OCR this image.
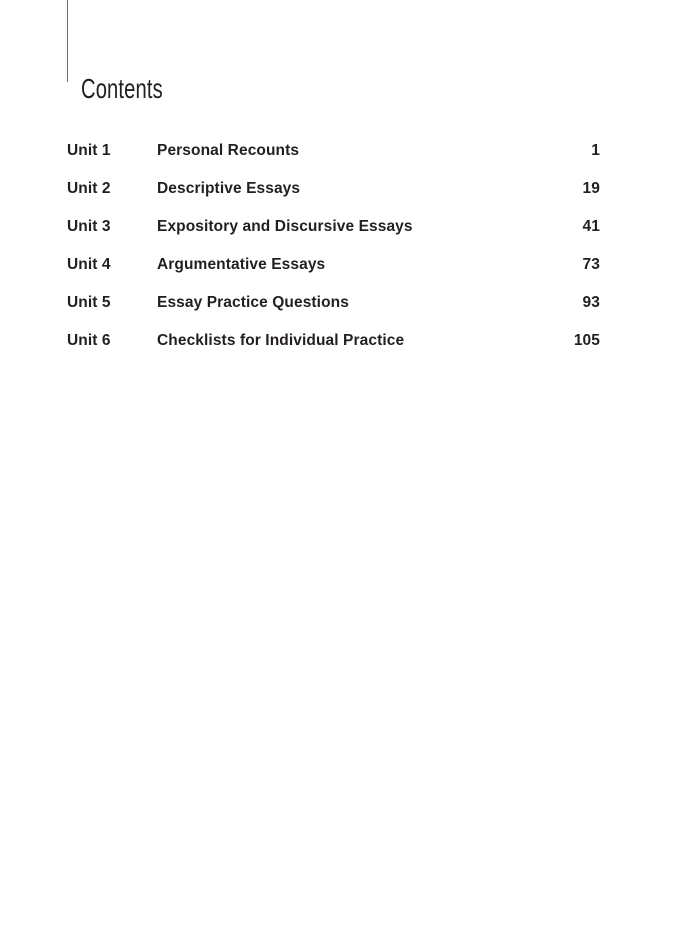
Contents
Unit 1	Personal Recounts	1
Unit 2	Descriptive Essays	19
Unit 3	Expository and Discursive Essays	41
Unit 4	Argumentative Essays	73
Unit 5	Essay Practice Questions	93
Unit 6	Checklists for Individual Practice	105
